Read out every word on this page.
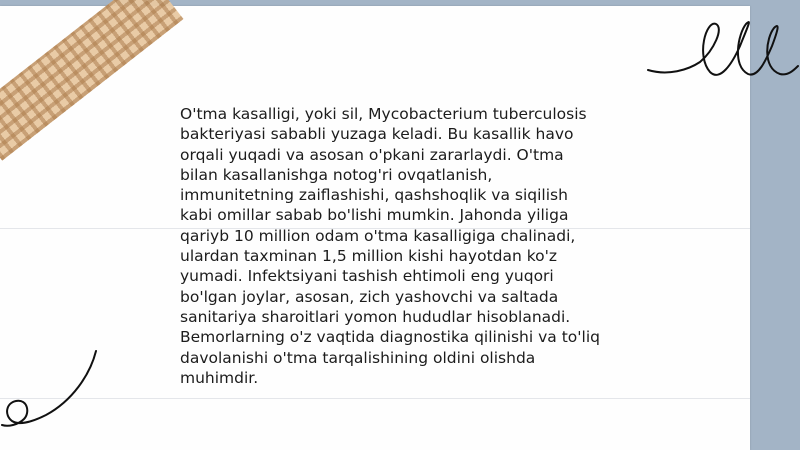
O'tma kasalligi, yoki sil, Mycobacterium tuberculosis
bakteriyasi sababli yuzaga keladi. Bu kasallik havo
orqali yuqadi va asosan o'pkani zararlaydi. O'tma
bilan kasallanishga notog'ri ovqatlanish,
immunitetning zaiflashishi, qashshoqlik va siqilish
kabi omillar sabab bo'lishi mumkin. Jahonda yiliga
qariyb 10 million odam o'tma kasalligiga chalinadi,
ulardan taxminan 1,5 million kishi hayotdan ko'z
yumadi. Infektsiyani tashish ehtimoli eng yuqori
bo'lgan joylar, asosan, zich yashovchi va saltada
sanitariya sharoitlari yomon hududlar hisoblanadi.
Bemorlarning o'z vaqtida diagnostika qilinishi va to'liq
davolanishi o'tma tarqalishining oldini olishda
muhimdir.
